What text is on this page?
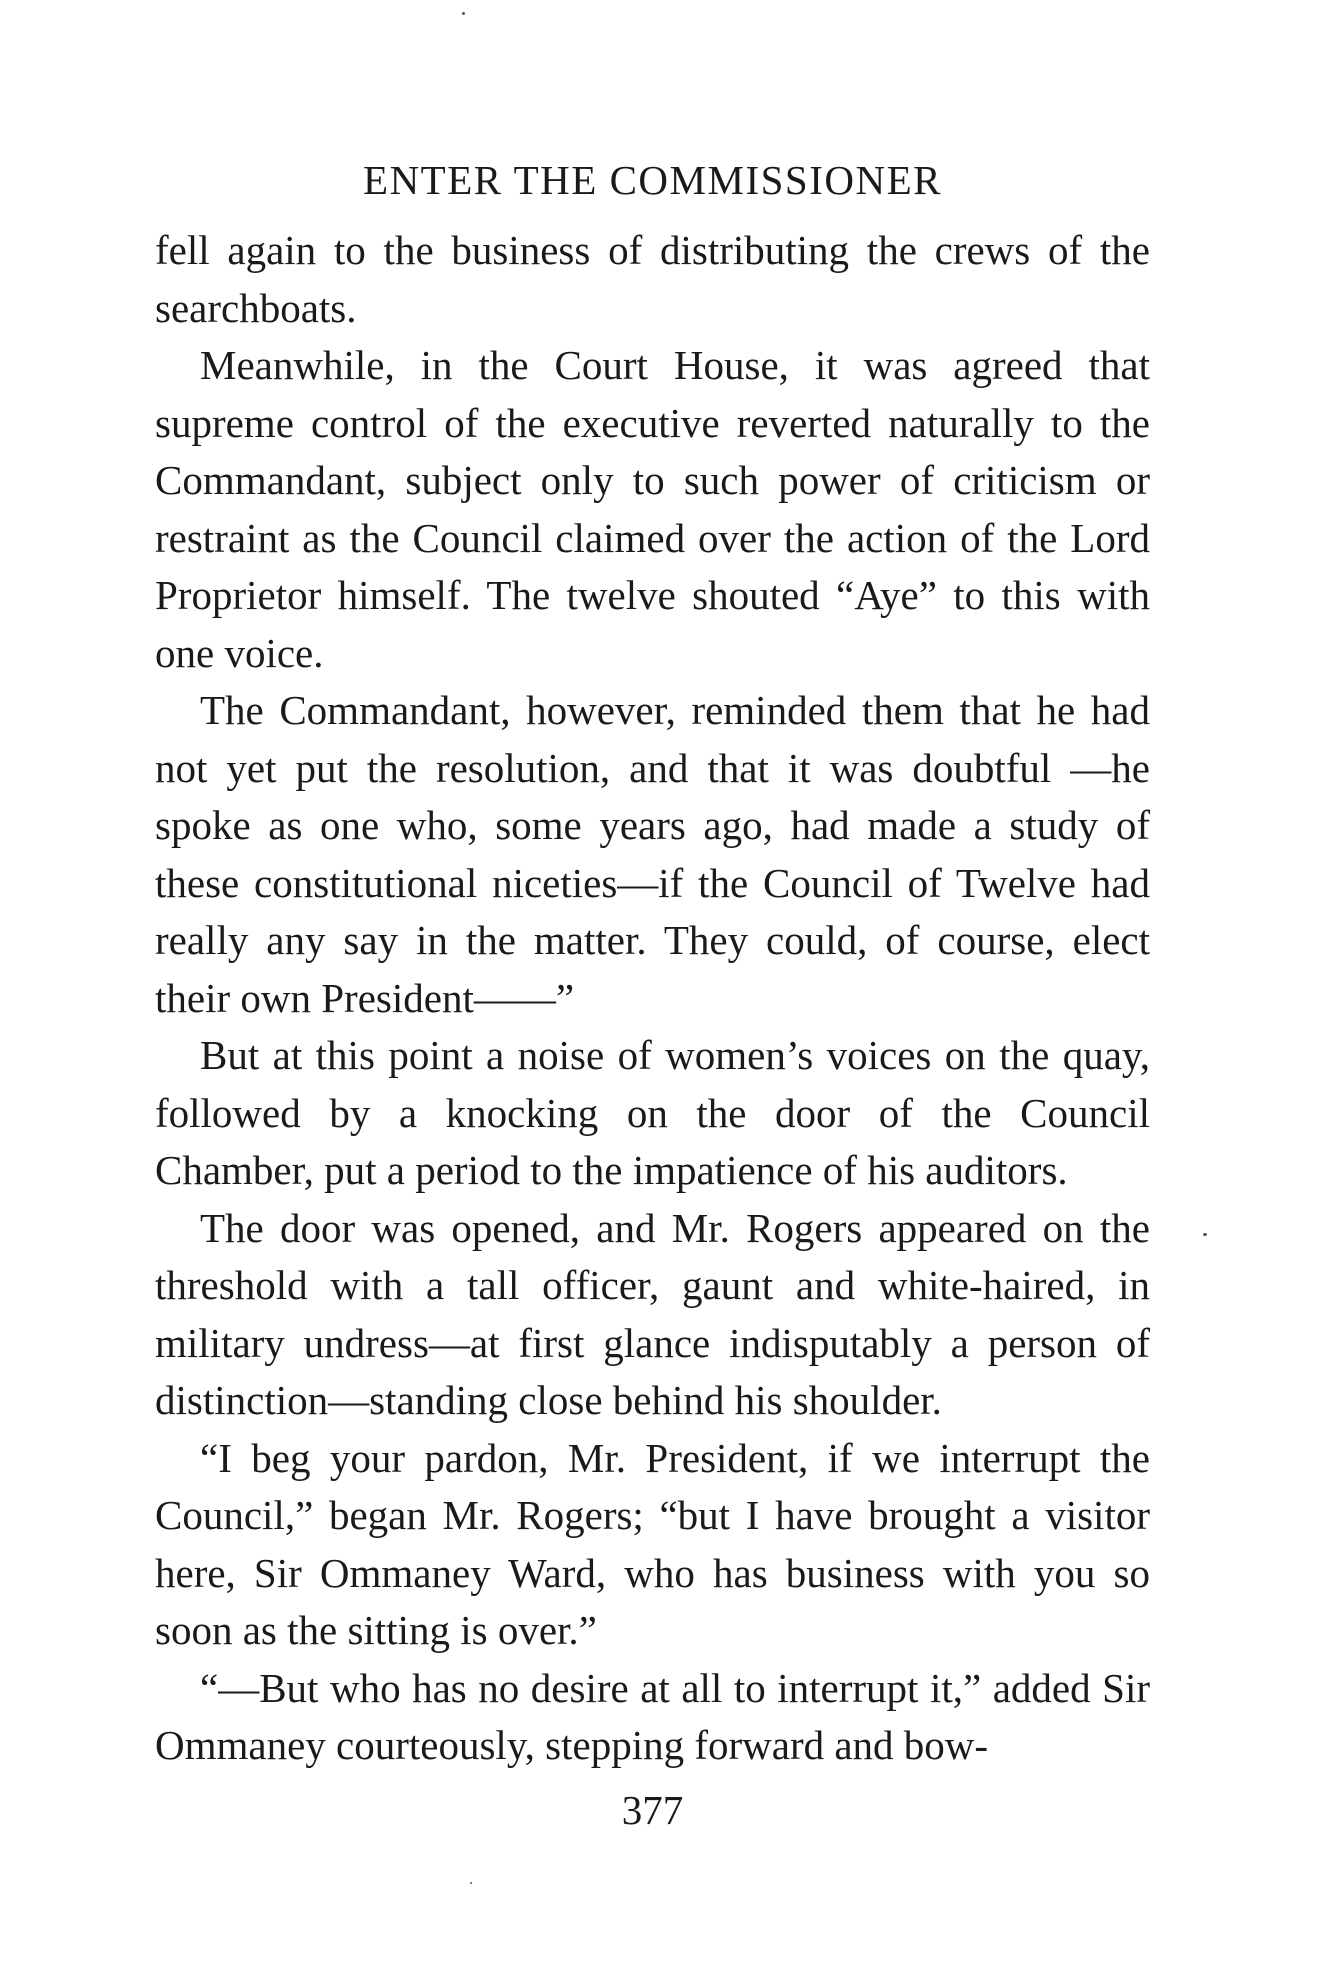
ENTER THE COMMISSIONER

fell again to the business of distributing the crews of the searchboats.

Meanwhile, in the Court House, it was agreed that supreme control of the executive reverted naturally to the Commandant, subject only to such power of criticism or restraint as the Council claimed over the action of the Lord Proprietor himself. The twelve shouted “Aye” to this with one voice.

The Commandant, however, reminded them that he had not yet put the resolution, and that it was doubtful —he spoke as one who, some years ago, had made a study of these constitutional niceties—if the Council of Twelve had really any say in the matter. They could, of course, elect their own President——”

But at this point a noise of women’s voices on the quay, followed by a knocking on the door of the Council Chamber, put a period to the impatience of his auditors.

The door was opened, and Mr. Rogers appeared on the threshold with a tall officer, gaunt and white-haired, in military undress—at first glance indisputably a person of distinction—standing close behind his shoulder.

“I beg your pardon, Mr. President, if we interrupt the Council,” began Mr. Rogers; “but I have brought a visitor here, Sir Ommaney Ward, who has business with you so soon as the sitting is over.”

“—But who has no desire at all to interrupt it,” added Sir Ommaney courteously, stepping forward and bow-

377
